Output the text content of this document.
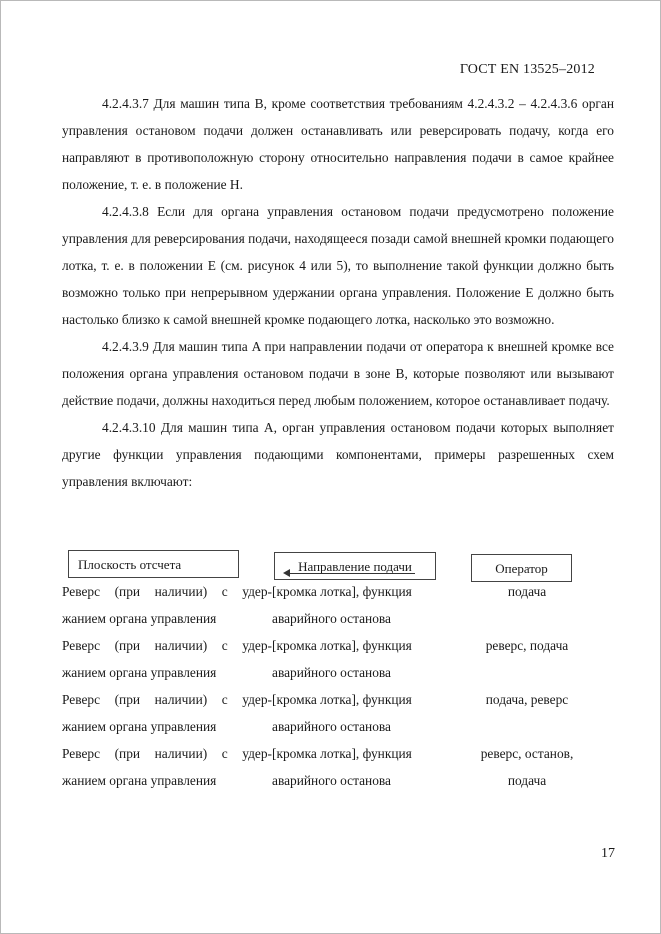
ГОСТ EN 13525–2012

4.2.4.3.7 Для машин типа B, кроме соответствия требованиям 4.2.4.3.2 – 4.2.4.3.6 орган управления остановом подачи должен останавливать или реверсировать подачу, когда его направляют в противоположную сторону относительно направления подачи в самое крайнее положение, т. е. в положение H.

4.2.4.3.8 Если для органа управления остановом подачи предусмотрено положение управления для реверсирования подачи, находящееся позади самой внешней кромки подающего лотка, т. е. в положении E (см. рисунок 4 или 5), то выполнение такой функции должно быть возможно только при непрерывном удержании органа управления. Положение E должно быть настолько близко к самой внешней кромке подающего лотка, насколько это возможно.

4.2.4.3.9 Для машин типа A при направлении подачи от оператора к внешней кромке все положения органа управления остановом подачи в зоне B, которые позволяют или вызывают действие подачи, должны находиться перед любым положением, которое останавливает подачу.

4.2.4.3.10 Для машин типа A, орган управления остановом подачи которых выполняет другие функции управления подающими компонентами, примеры разрешенных схем управления включают:

Плоскость отсчета	Направление подачи	Оператор
Реверс (при наличии) с удер-
жанием органа управления
[кромка лотка], функция
аварийного останова
подача
Реверс (при наличии) с удер-
жанием органа управления
[кромка лотка], функция
аварийного останова
реверс, подача
Реверс (при наличии) с удер-
жанием органа управления
[кромка лотка], функция
аварийного останова
подача, реверс
Реверс (при наличии) с удер-
жанием органа управления
[кромка лотка], функция
аварийного останова
реверс, останов,
подача
17
